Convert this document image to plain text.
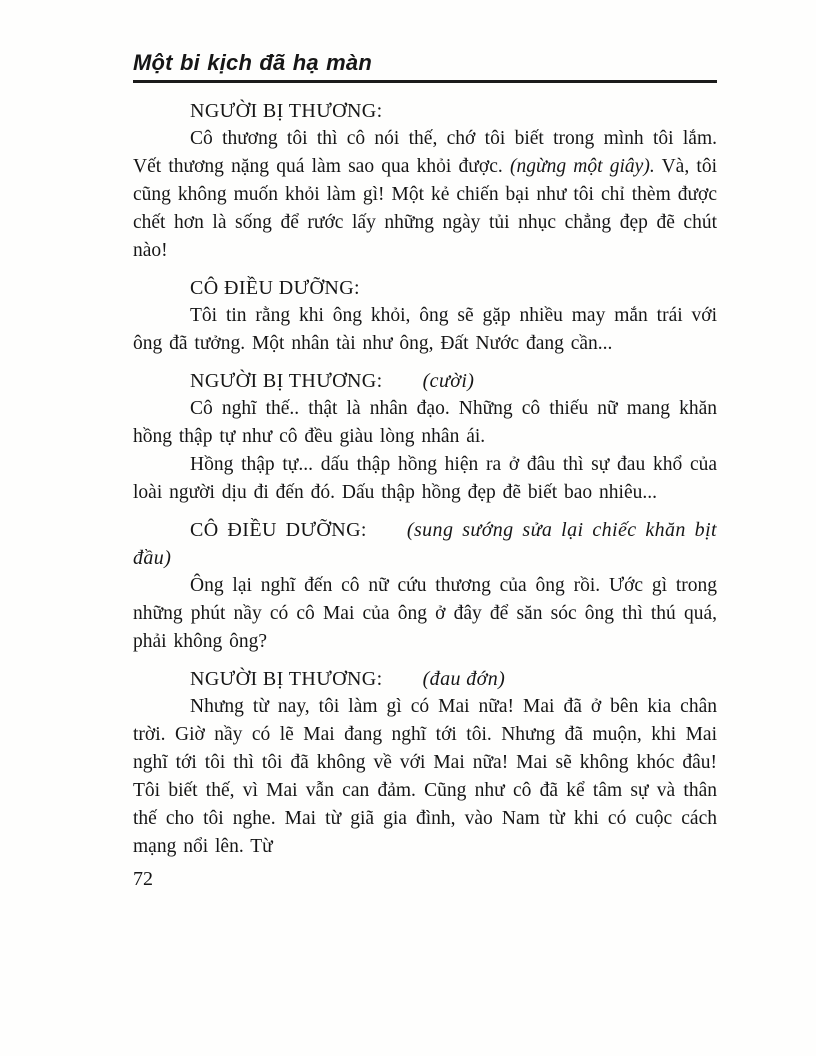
Một bi kịch đã hạ màn

NGƯỜI BỊ THƯƠNG:

Cô thương tôi thì cô nói thế, chớ tôi biết trong mình tôi lắm. Vết thương nặng quá làm sao qua khỏi được. (ngừng một giây). Và, tôi cũng không muốn khỏi làm gì! Một kẻ chiến bại như tôi chỉ thèm được chết hơn là sống để rước lấy những ngày tủi nhục chẳng đẹp đẽ chút nào!

CÔ ĐIỀU DƯỠNG:

Tôi tin rằng khi ông khỏi, ông sẽ gặp nhiều may mắn trái với ông đã tưởng. Một nhân tài như ông, Đất Nước đang cần...

NGƯỜI BỊ THƯƠNG: (cười)

Cô nghĩ thế.. thật là nhân đạo. Những cô thiếu nữ mang khăn hồng thập tự như cô đều giàu lòng nhân ái.

Hồng thập tự... dấu thập hồng hiện ra ở đâu thì sự đau khổ của loài người dịu đi đến đó. Dấu thập hồng đẹp đẽ biết bao nhiêu...

CÔ ĐIỀU DƯỠNG: (sung sướng sửa lại chiếc khăn bịt đầu)

Ông lại nghĩ đến cô nữ cứu thương của ông rồi. Ước gì trong những phút nầy có cô Mai của ông ở đây để săn sóc ông thì thú quá, phải không ông?

NGƯỜI BỊ THƯƠNG: (đau đớn)

Nhưng từ nay, tôi làm gì có Mai nữa! Mai đã ở bên kia chân trời. Giờ nầy có lẽ Mai đang nghĩ tới tôi. Nhưng đã muộn, khi Mai nghĩ tới tôi thì tôi đã không về với Mai nữa! Mai sẽ không khóc đâu! Tôi biết thế, vì Mai vẫn can đảm. Cũng như cô đã kể tâm sự và thân thế cho tôi nghe. Mai từ giã gia đình, vào Nam từ khi có cuộc cách mạng nổi lên. Từ

72
